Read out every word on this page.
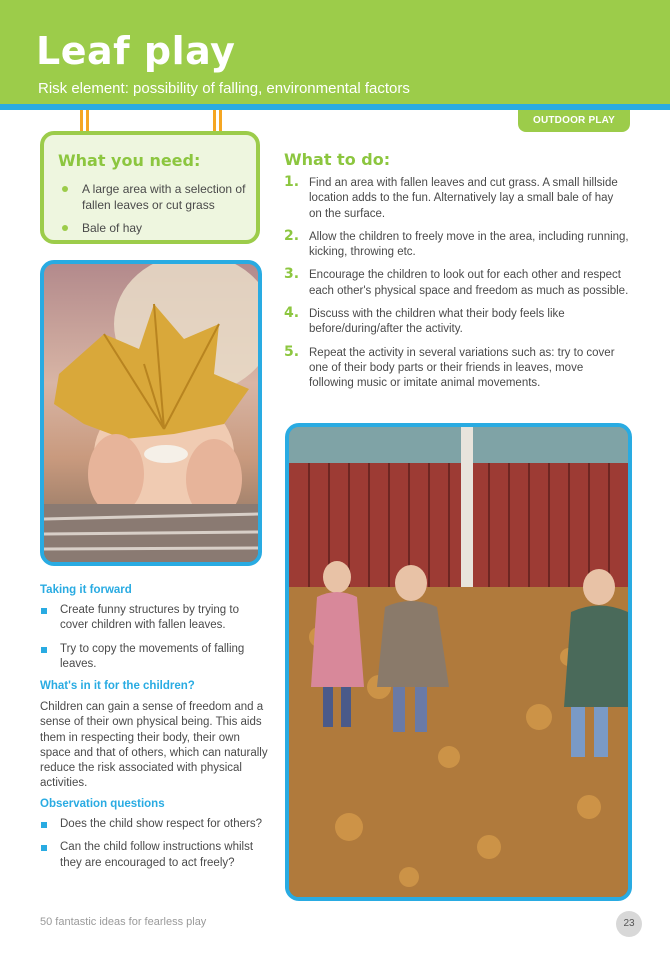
Leaf play
Risk element: possibility of falling, environmental factors
OUTDOOR PLAY
What you need:
A large area with a selection of fallen leaves or cut grass
Bale of hay
What to do:
1. Find an area with fallen leaves and cut grass. A small hillside location adds to the fun. Alternatively lay a small bale of hay on the surface.
2. Allow the children to freely move in the area, including running, kicking, throwing etc.
3. Encourage the children to look out for each other and respect each other's physical space and freedom as much as possible.
4. Discuss with the children what their body feels like before/during/after the activity.
5. Repeat the activity in several variations such as: try to cover one of their body parts or their friends in leaves, move following music or imitate animal movements.
Taking it forward
Create funny structures by trying to cover children with fallen leaves.
Try to copy the movements of falling leaves.
What's in it for the children?
Children can gain a sense of freedom and a sense of their own physical being. This aids them in respecting their body, their own space and that of others, which can naturally reduce the risk associated with physical activities.
Observation questions
Does the child show respect for others?
Can the child follow instructions whilst they are encouraged to act freely?
50 fantastic ideas for fearless play	23
